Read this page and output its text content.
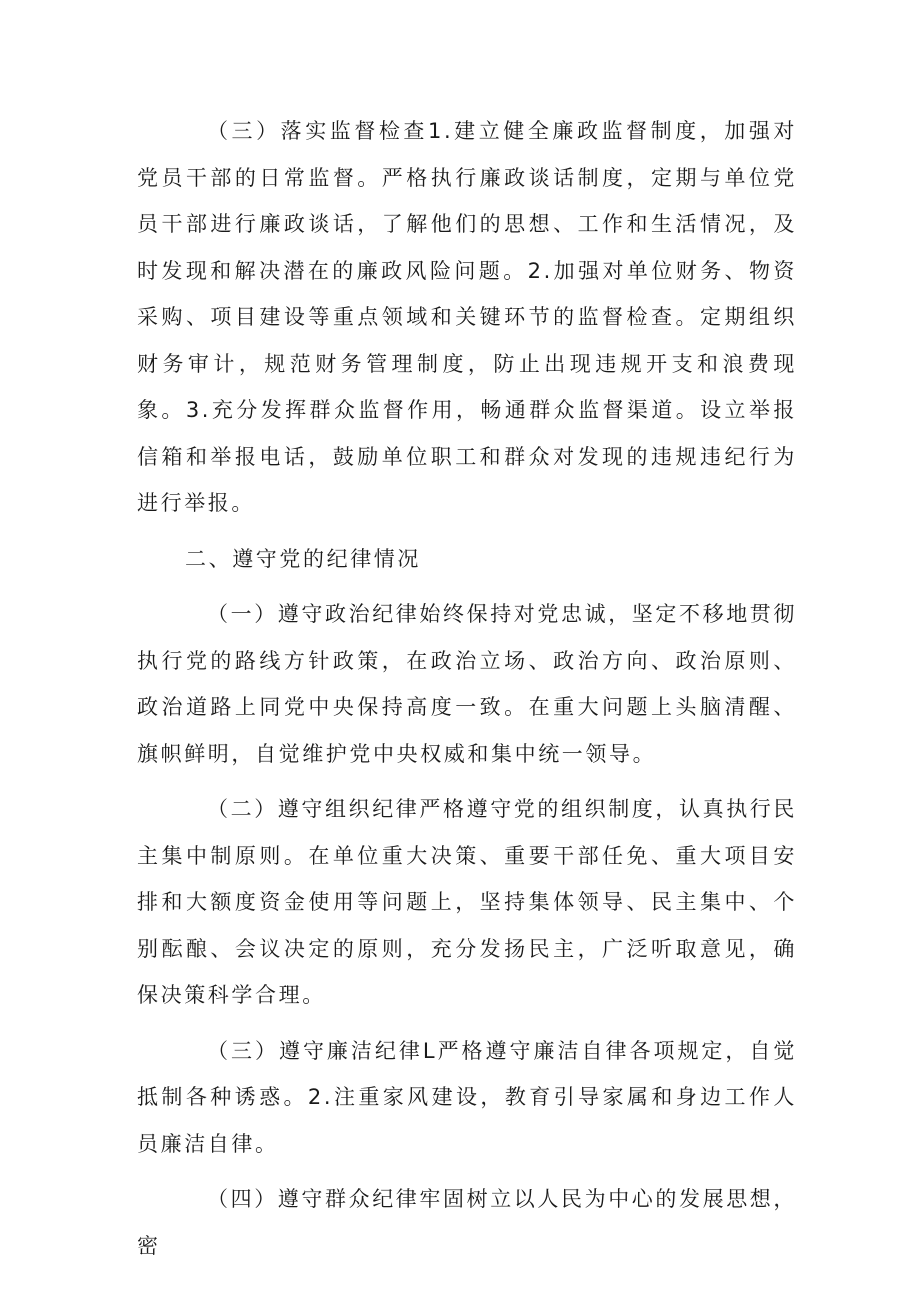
（三）落实监督检查1.建立健全廉政监督制度，加强对党员干部的日常监督。严格执行廉政谈话制度，定期与单位党员干部进行廉政谈话，了解他们的思想、工作和生活情况，及时发现和解决潜在的廉政风险问题。2.加强对单位财务、物资采购、项目建设等重点领域和关键环节的监督检查。定期组织财务审计，规范财务管理制度，防止出现违规开支和浪费现象。3.充分发挥群众监督作用，畅通群众监督渠道。设立举报信箱和举报电话，鼓励单位职工和群众对发现的违规违纪行为进行举报。

二、遵守党的纪律情况

（一）遵守政治纪律始终保持对党忠诚，坚定不移地贯彻执行党的路线方针政策，在政治立场、政治方向、政治原则、政治道路上同党中央保持高度一致。在重大问题上头脑清醒、旗帜鲜明，自觉维护党中央权威和集中统一领导。

（二）遵守组织纪律严格遵守党的组织制度，认真执行民主集中制原则。在单位重大决策、重要干部任免、重大项目安排和大额度资金使用等问题上，坚持集体领导、民主集中、个别酝酿、会议决定的原则，充分发扬民主，广泛听取意见，确保决策科学合理。

（三）遵守廉洁纪律L严格遵守廉洁自律各项规定，自觉抵制各种诱惑。2.注重家风建设，教育引导家属和身边工作人员廉洁自律。

（四）遵守群众纪律牢固树立以人民为中心的发展思想，密
